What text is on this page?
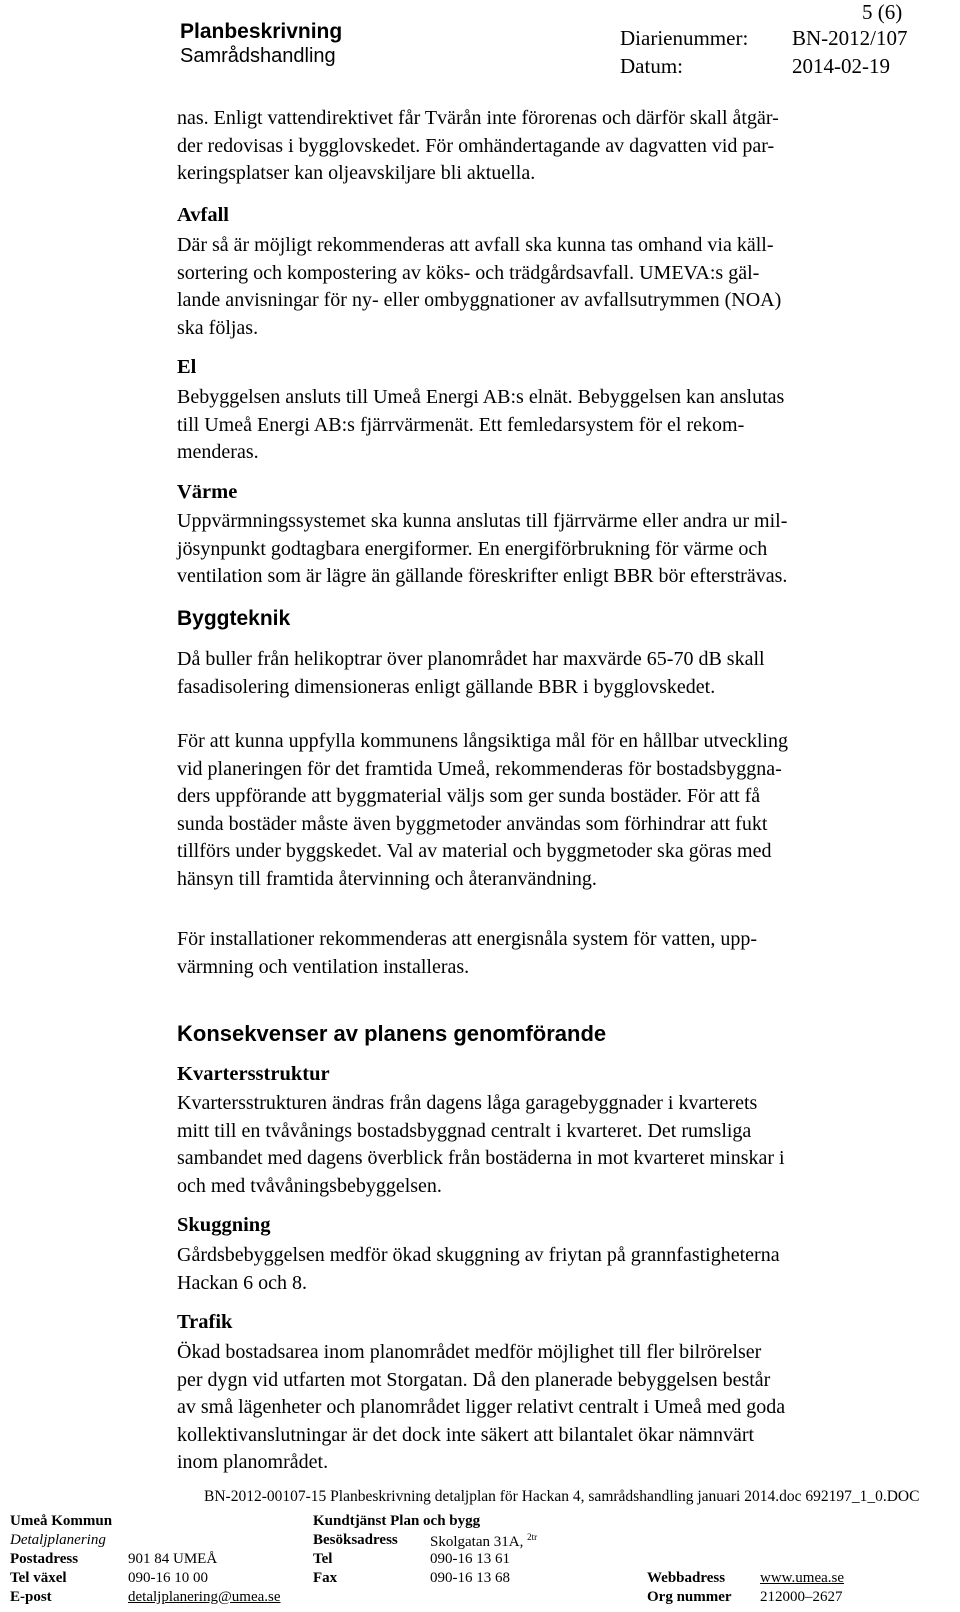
Planbeskrivning
Samrådshandling
5 (6)
Diarienummer: BN-2012/107
Datum:	2014-02-19
nas. Enligt vattendirektivet får Tvärån inte förorenas och därför skall åtgär-
der redovisas i bygglovskedet. För omhändertagande av dagvatten vid par-
keringsplatser kan oljeavskiljare bli aktuella.
Avfall
Där så är möjligt rekommenderas att avfall ska kunna tas omhand via käll-
sortering och kompostering av köks- och trädgårdsavfall. UMEVA:s gäl-
lande anvisningar för ny- eller ombyggnationer av avfallsutrymmen (NOA)
ska följas.
El
Bebyggelsen ansluts till Umeå Energi AB:s elnät. Bebyggelsen kan anslutas
till Umeå Energi AB:s fjärrvärmenät. Ett femledarsystem för el rekom-
menderas.
Värme
Uppvärmningssystemet ska kunna anslutas till fjärrvärme eller andra ur mil-
jösynpunkt godtagbara energiformer. En energiförbrukning för värme och
ventilation som är lägre än gällande föreskrifter enligt BBR bör eftersträvas.
Byggteknik
Då buller från helikoptrar över planområdet har maxvärde 65-70 dB skall
fasadisolering dimensioneras enligt gällande BBR i bygglovskedet.
För att kunna uppfylla kommunens långsiktiga mål för en hållbar utveckling
vid planeringen för det framtida Umeå, rekommenderas för bostadsbyggna-
ders uppförande att byggmaterial väljs som ger sunda bostäder. För att få
sunda bostäder måste även byggmetoder användas som förhindrar att fukt
tillförs under byggskedet. Val av material och byggmetoder ska göras med
hänsyn till framtida återvinning och återanvändning.
För installationer rekommenderas att energisnåla system för vatten, upp-
värmning och ventilation installeras.
Konsekvenser av planens genomförande
Kvartersstruktur
Kvartersstrukturen ändras från dagens låga garagebyggnader i kvarterets
mitt till en tvåvånings bostadsbyggnad centralt i kvarteret. Det rumsliga
sambandet med dagens överblick från bostäderna in mot kvarteret minskar i
och med tvåvåningsbebyggelsen.
Skuggning
Gårdsbebyggelsen medför ökad skuggning av friytan på grannfastigheterna
Hackan 6 och 8.
Trafik
Ökad bostadsarea inom planområdet medför möjlighet till fler bilrörelser
per dygn vid utfarten mot Storgatan. Då den planerade bebyggelsen består
av små lägenheter och planområdet ligger relativt centralt i Umeå med goda
kollektivanslutningar är det dock inte säkert att bilantalet ökar nämnvärt
inom planområdet.
BN-2012-00107-15 Planbeskrivning detaljplan för Hackan 4, samrådshandling januari 2014.doc 692197_1_0.DOC
Umeå Kommun
Detaljplanering
Postadress	901 84 UMEÅ
Tel växel	090-16 10 00
E-post	detaljplanering@umea.se
Kundtjänst Plan och bygg
Besöksadress Skolgatan 31A, $^{2tr}$
Tel	090-16 13 61
Fax	090-16 13 68	Webbadress www.umea.se
Org nummer 212000–2627
